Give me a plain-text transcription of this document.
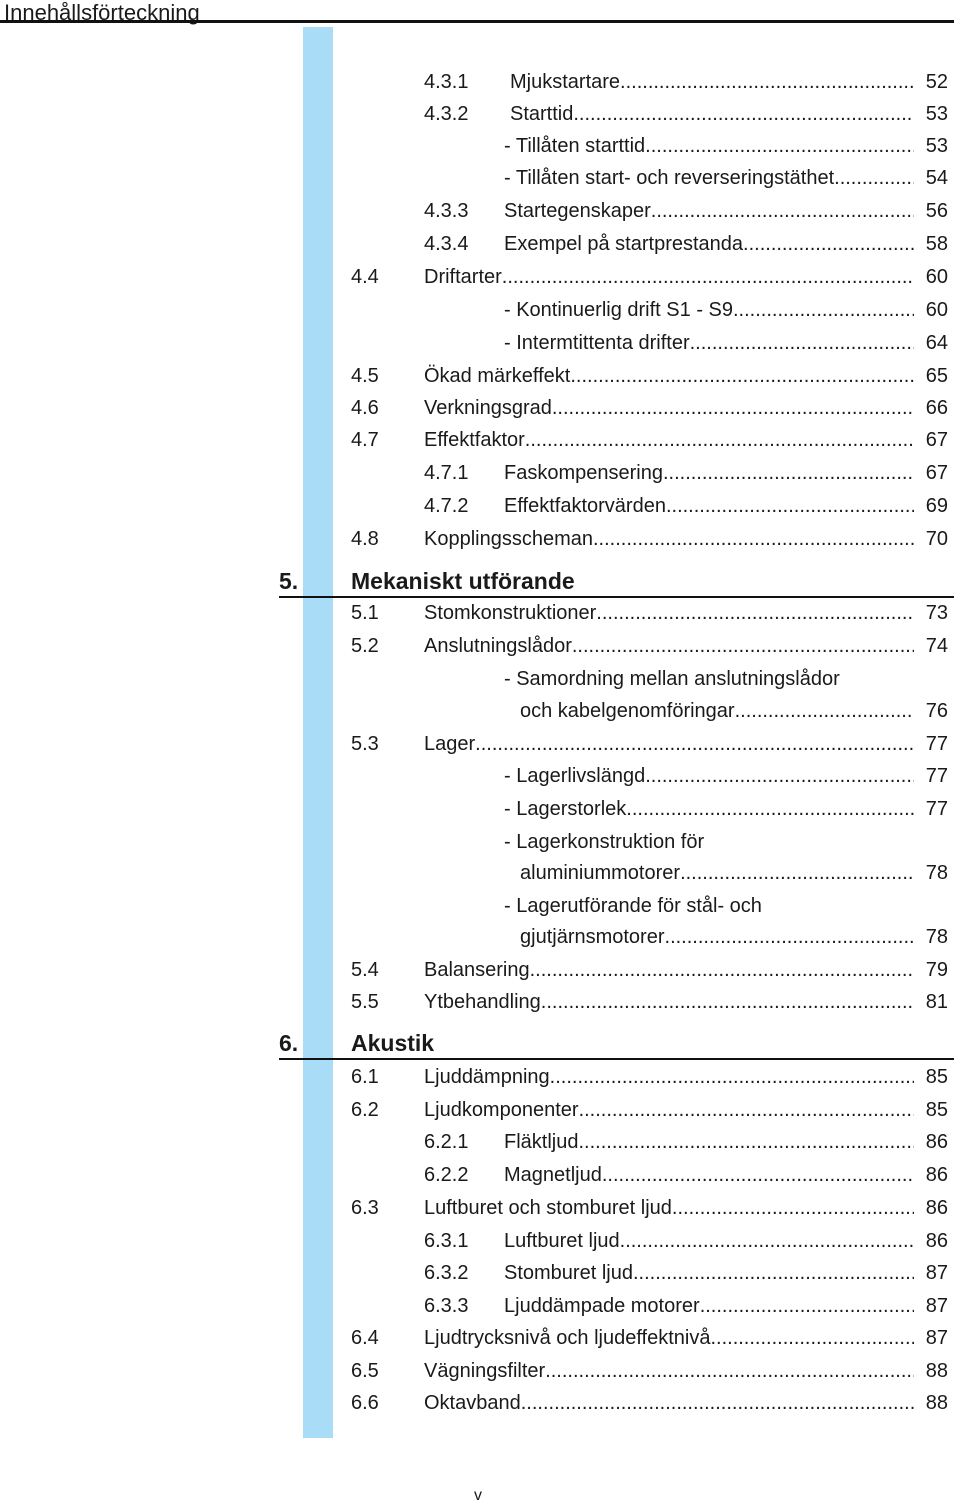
Innehållsförteckning
5. Mekaniskt utförande
6. Akustik
4.3.1 Mjukstartare .....	52
4.3.2 Starttid .....	53
- Tillåten starttid .....	53
- Tillåten start- och reverseringstäthet .....	54
4.3.3 Startegenskaper .....	56
4.3.4 Exempel på startprestanda .....	58
4.4 Driftarter .....	60
- Kontinuerlig drift S1 - S9 .....	60
- Intermtittenta drifter .....	64
4.5 Ökad märkeffekt .....	65
4.6 Verkningsgrad .....	66
4.7 Effektfaktor .....	67
4.7.1 Faskompensering .....	67
4.7.2 Effektfaktorvärden .....	69
4.8 Kopplingsscheman .....	70
5.1 Stomkonstruktioner .....	73
5.2 Anslutningslådor .....	74
- Samordning mellan anslutningslådor
och kabelgenomföringar .....	76
5.3 Lager .....	77
- Lagerlivslängd .....	77
- Lagerstorlek .....	77
- Lagerkonstruktion för
aluminiummotorer .....	78
- Lagerutförande för stål- och
gjutjärnsmotorer .....	78
5.4 Balansering .....	79
5.5 Ytbehandling .....	81
6.1 Ljuddämpning .....	85
6.2 Ljudkomponenter .....	85
6.2.1 Fläktljud .....	86
6.2.2 Magnetljud .....	86
6.3 Luftburet och stomburet ljud .....	86
6.3.1 Luftburet ljud .....	86
6.3.2 Stomburet ljud .....	87
6.3.3 Ljuddämpade motorer .....	87
6.4 Ljudtrycksnivå och ljudeffektnivå .....	87
6.5 Vägningsfilter .....	88
6.6 Oktavband .....	88
v
